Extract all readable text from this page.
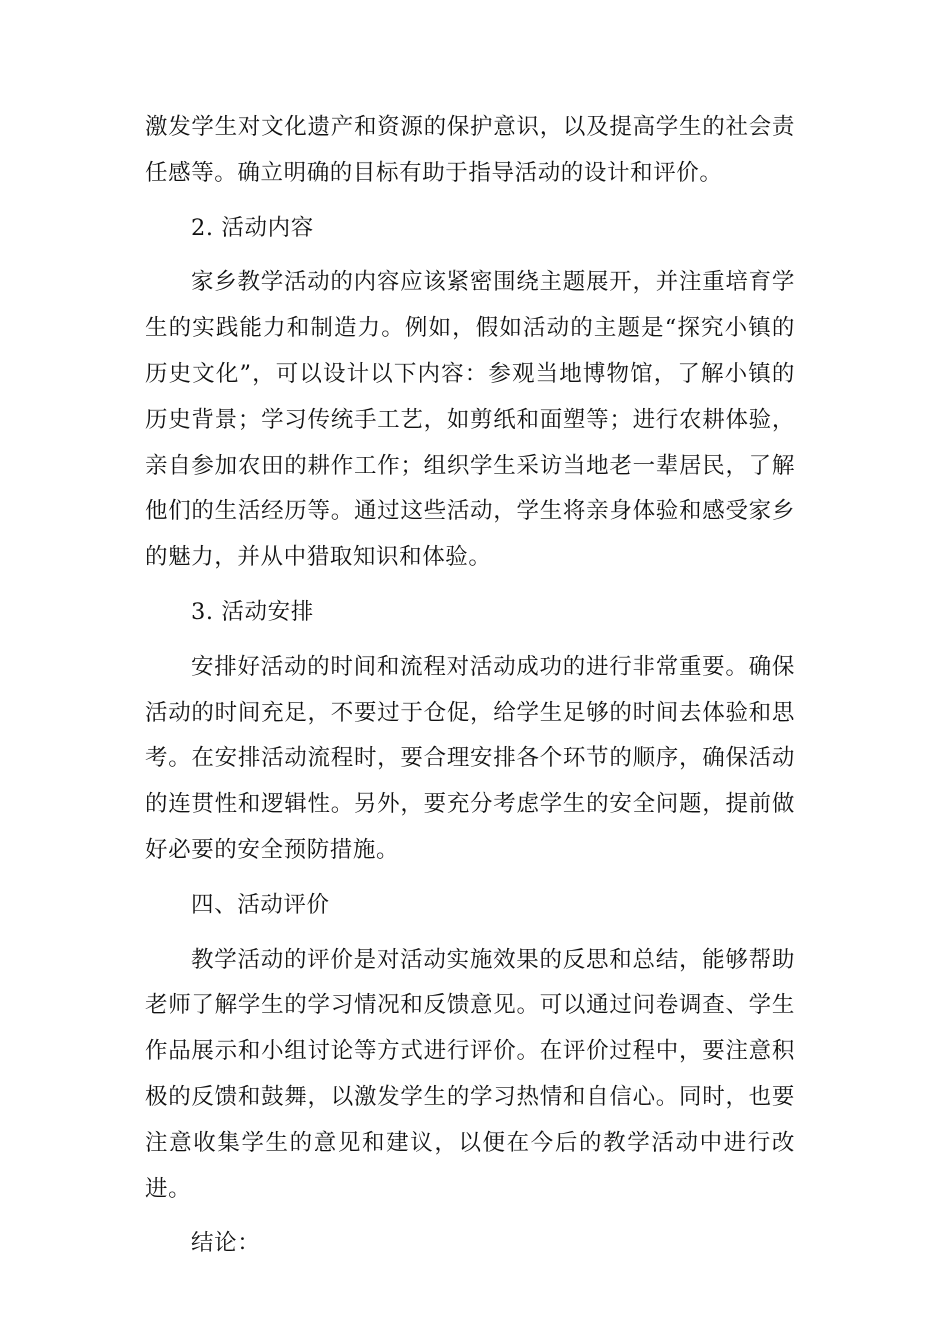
激发学生对文化遗产和资源的保护意识，以及提高学生的社会责任感等。确立明确的目标有助于指导活动的设计和评价。

2. 活动内容

家乡教学活动的内容应该紧密围绕主题展开，并注重培育学生的实践能力和制造力。例如，假如活动的主题是“探究小镇的历史文化”，可以设计以下内容：参观当地博物馆，了解小镇的历史背景；学习传统手工艺，如剪纸和面塑等；进行农耕体验，亲自参加农田的耕作工作；组织学生采访当地老一辈居民，了解他们的生活经历等。通过这些活动，学生将亲身体验和感受家乡的魅力，并从中猎取知识和体验。

3. 活动安排

安排好活动的时间和流程对活动成功的进行非常重要。确保活动的时间充足，不要过于仓促，给学生足够的时间去体验和思考。在安排活动流程时，要合理安排各个环节的顺序，确保活动的连贯性和逻辑性。另外，要充分考虑学生的安全问题，提前做好必要的安全预防措施。

四、活动评价

教学活动的评价是对活动实施效果的反思和总结，能够帮助老师了解学生的学习情况和反馈意见。可以通过问卷调查、学生作品展示和小组讨论等方式进行评价。在评价过程中，要注意积极的反馈和鼓舞，以激发学生的学习热情和自信心。同时，也要注意收集学生的意见和建议，以便在今后的教学活动中进行改进。

结论：
